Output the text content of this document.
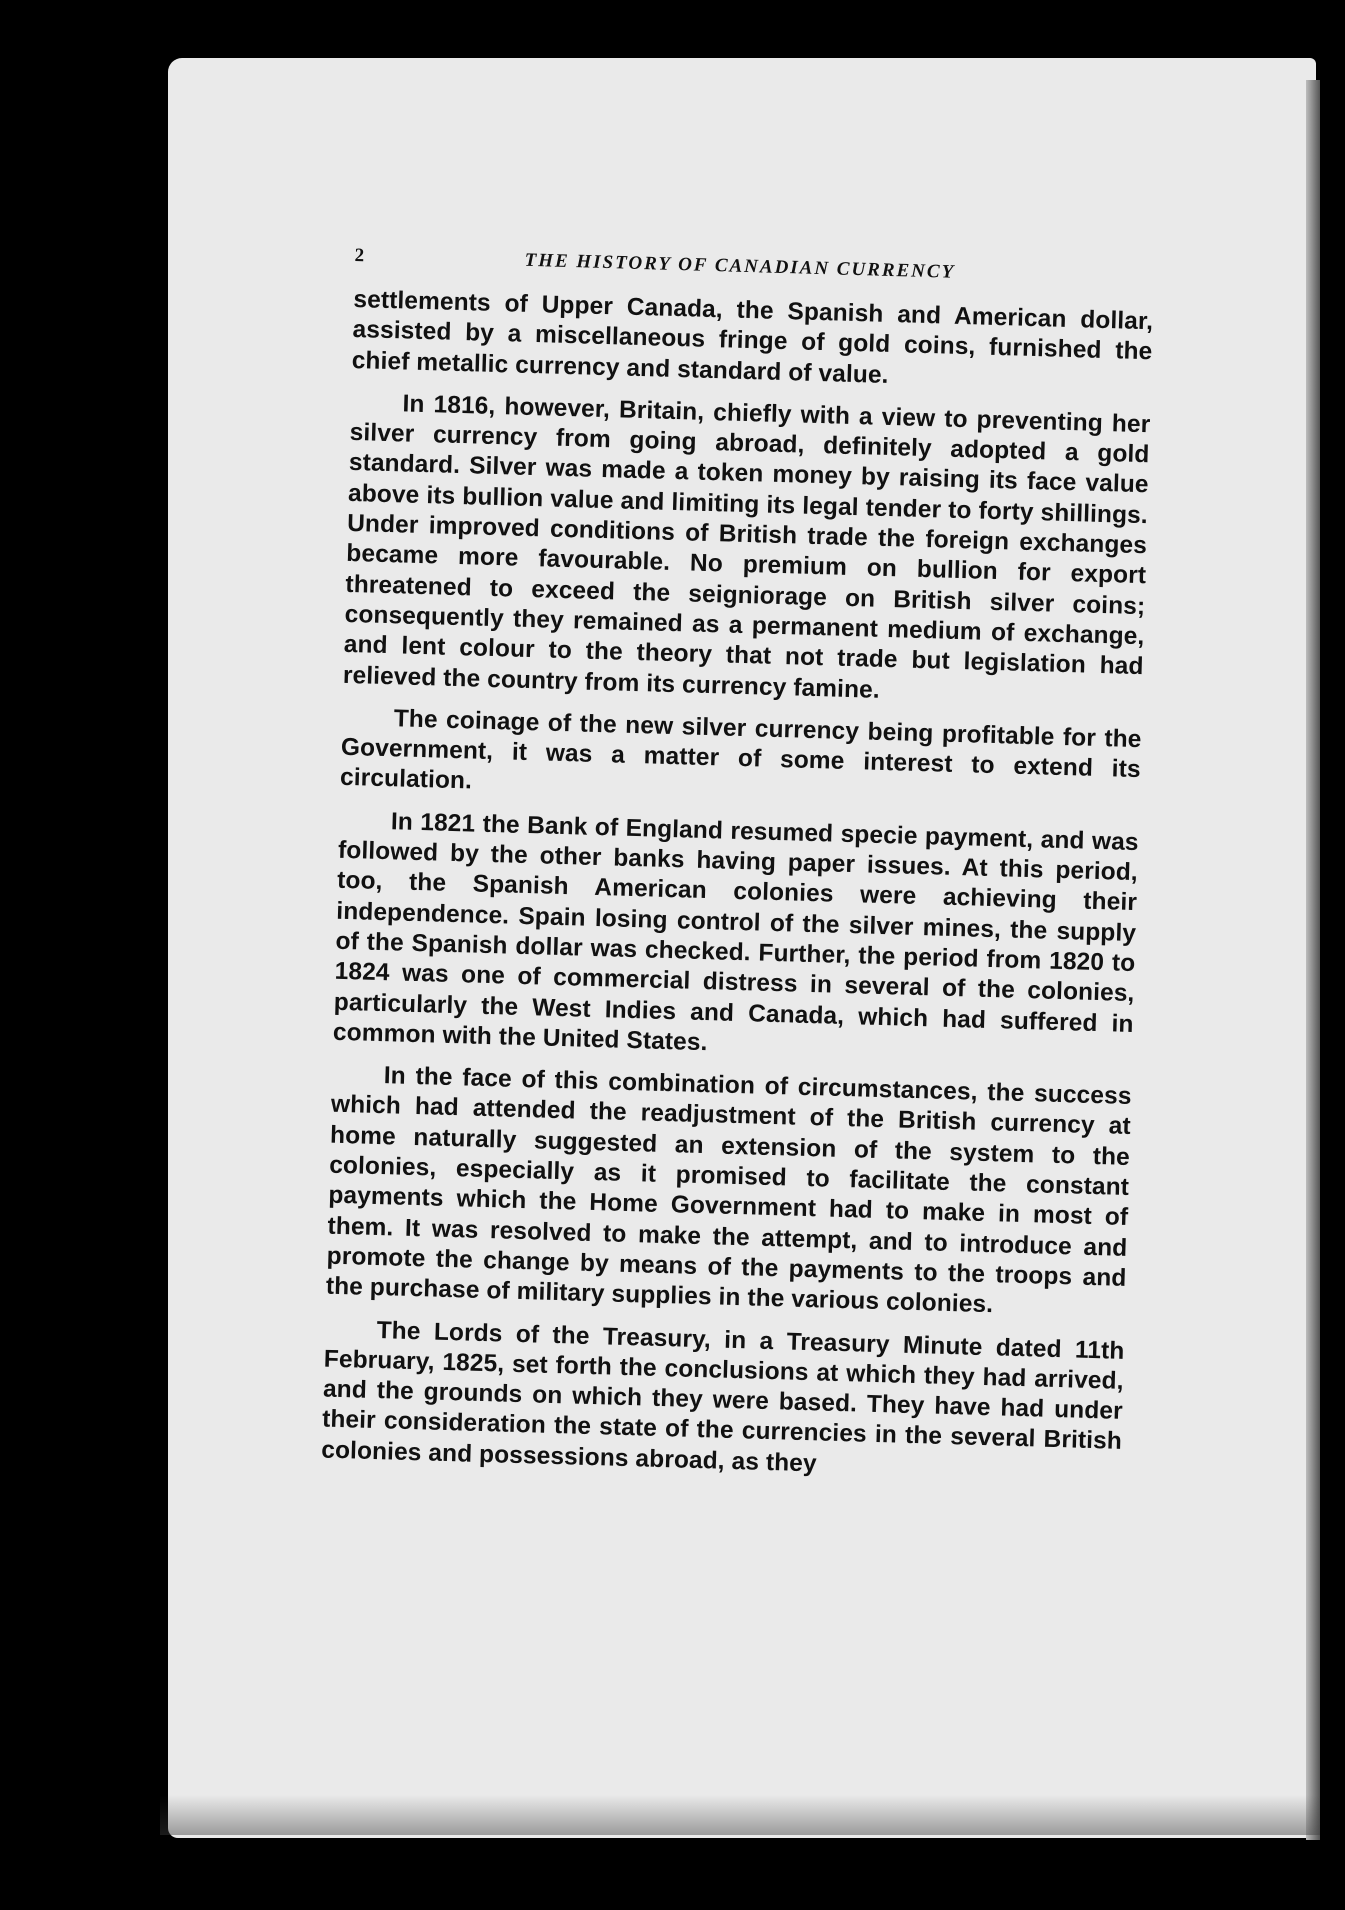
2	THE HISTORY OF CANADIAN CURRENCY

settlements of Upper Canada, the Spanish and American dollar, assisted by a miscellaneous fringe of gold coins, furnished the chief metallic currency and standard of value.

In 1816, however, Britain, chiefly with a view to preventing her silver currency from going abroad, definitely adopted a gold standard. Silver was made a token money by raising its face value above its bullion value and limiting its legal tender to forty shillings. Under improved conditions of British trade the foreign exchanges became more favourable. No premium on bullion for export threatened to exceed the seigniorage on British silver coins; consequently they remained as a permanent medium of exchange, and lent colour to the theory that not trade but legislation had relieved the country from its currency famine.

The coinage of the new silver currency being profitable for the Government, it was a matter of some interest to extend its circulation.

In 1821 the Bank of England resumed specie payment, and was followed by the other banks having paper issues. At this period, too, the Spanish American colonies were achieving their independence. Spain losing control of the silver mines, the supply of the Spanish dollar was checked. Further, the period from 1820 to 1824 was one of commercial distress in several of the colonies, particularly the West Indies and Canada, which had suffered in common with the United States.

In the face of this combination of circumstances, the success which had attended the readjustment of the British currency at home naturally suggested an extension of the system to the colonies, especially as it promised to facilitate the constant payments which the Home Government had to make in most of them. It was resolved to make the attempt, and to introduce and promote the change by means of the payments to the troops and the purchase of military supplies in the various colonies.

The Lords of the Treasury, in a Treasury Minute dated 11th February, 1825, set forth the conclusions at which they had arrived, and the grounds on which they were based. They have had under their consideration the state of the currencies in the several British colonies and possessions abroad, as they
